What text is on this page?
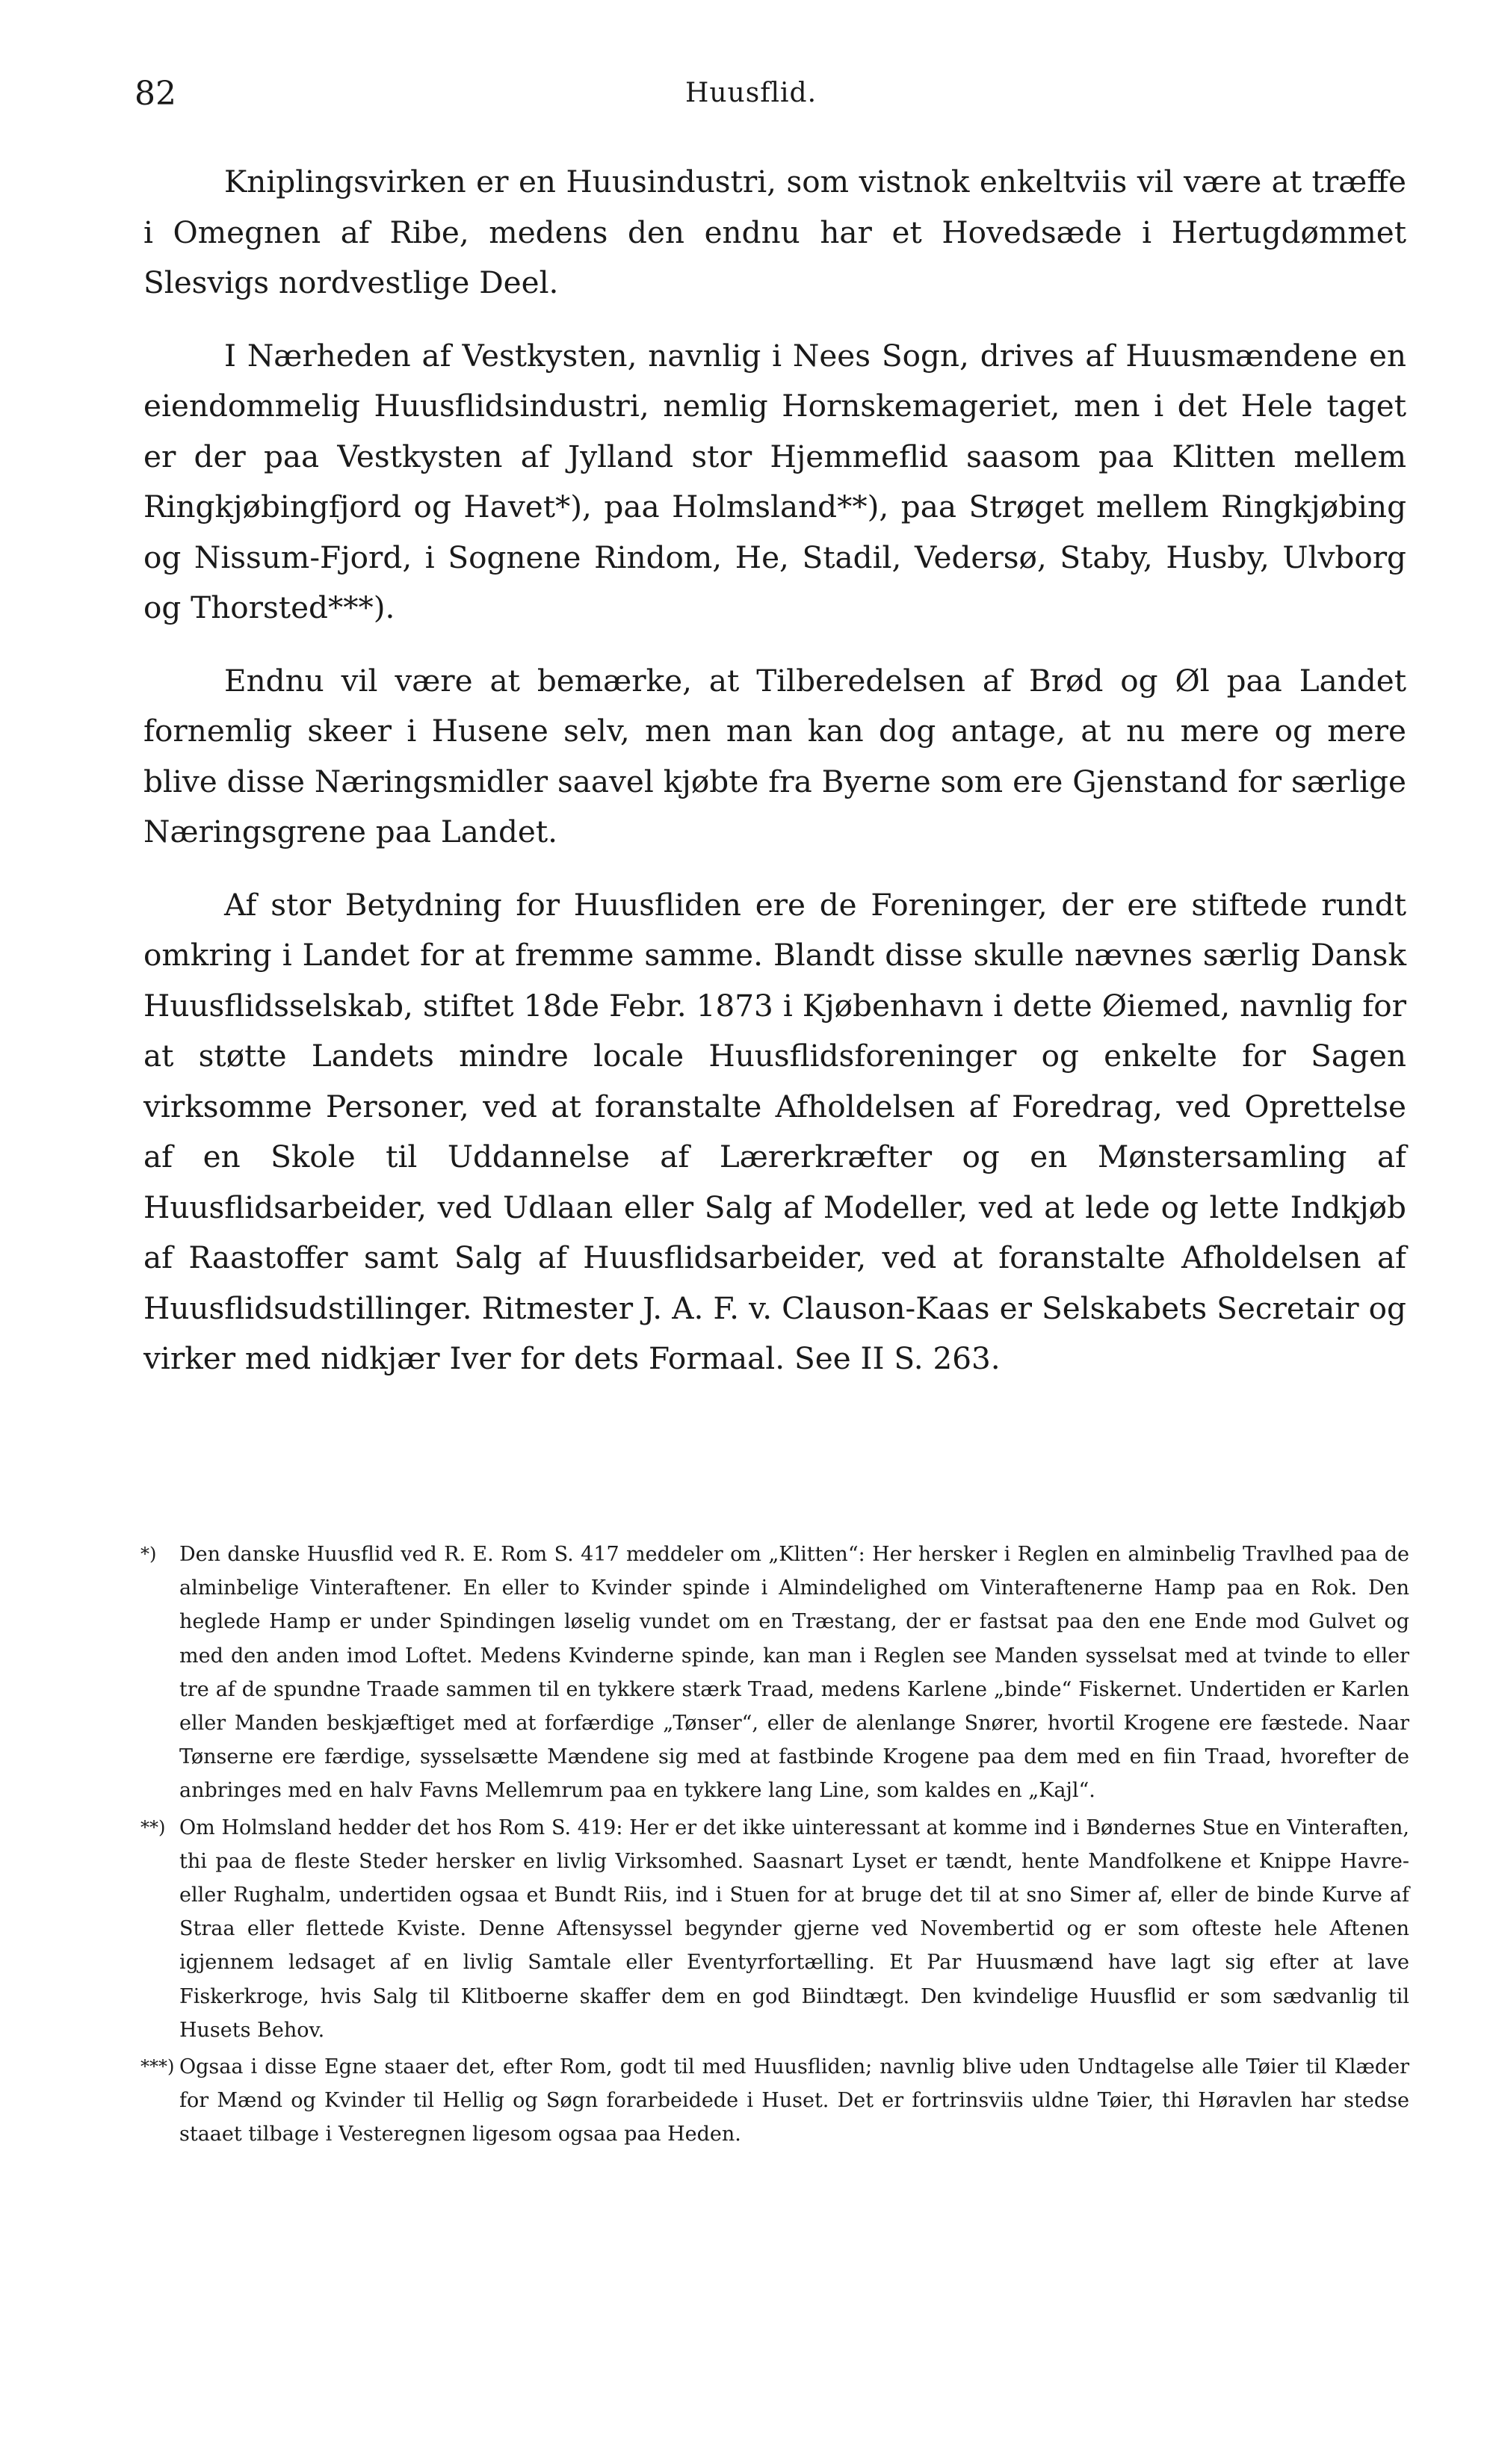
82	Huusflid.

Kniplingsvirken er en Huusindustri, som vistnok enkeltviis vil være at træffe i Omegnen af Ribe, medens den endnu har et Hovedsæde i Hertugdømmet Slesvigs nordvestlige Deel.

I Nærheden af Vestkysten, navnlig i Nees Sogn, drives af Huusmændene en eiendommelig Huusflidsindustri, nemlig Hornskemageriet, men i det Hele taget er der paa Vestkysten af Jylland stor Hjemmeflid saasom paa Klitten mellem Ringkjøbingfjord og Havet*), paa Holmsland**), paa Strøget mellem Ringkjøbing og Nissum-Fjord, i Sognene Rindom, He, Stadil, Vedersø, Staby, Husby, Ulvborg og Thorsted***).

Endnu vil være at bemærke, at Tilberedelsen af Brød og Øl paa Landet fornemlig skeer i Husene selv, men man kan dog antage, at nu mere og mere blive disse Næringsmidler saavel kjøbte fra Byerne som ere Gjenstand for særlige Næringsgrene paa Landet.

Af stor Betydning for Huusfliden ere de Foreninger, der ere stiftede rundt omkring i Landet for at fremme samme. Blandt disse skulle nævnes særlig Dansk Huusflidsselskab, stiftet 18de Febr. 1873 i Kjøbenhavn i dette Øiemed, navnlig for at støtte Landets mindre locale Huusflidsforeninger og enkelte for Sagen virksomme Personer, ved at foranstalte Afholdelsen af Foredrag, ved Oprettelse af en Skole til Uddannelse af Lærerkræfter og en Mønstersamling af Huusflidsarbeider, ved Udlaan eller Salg af Modeller, ved at lede og lette Indkjøb af Raastoffer samt Salg af Huusflidsarbeider, ved at foranstalte Afholdelsen af Huusflidsudstillinger. Ritmester J. A. F. v. Clauson-Kaas er Selskabets Secretair og virker med nidkjær Iver for dets Formaal. See II S. 263.

*) Den danske Huusflid ved R. E. Rom S. 417 meddeler om „Klitten“: Her hersker i Reglen en alminbelig Travlhed paa de alminbelige Vinteraftener. En eller to Kvinder spinde i Almindelighed om Vinteraftenerne Hamp paa en Rok. Den heglede Hamp er under Spindingen løselig vundet om en Træstang, der er fastsat paa den ene Ende mod Gulvet og med den anden imod Loftet. Medens Kvinderne spinde, kan man i Reglen see Manden sysselsat med at tvinde to eller tre af de spundne Traade sammen til en tykkere stærk Traad, medens Karlene „binde“ Fiskernet. Undertiden er Karlen eller Manden beskjæftiget med at forfærdige „Tønser“, eller de alenlange Snører, hvortil Krogene ere fæstede. Naar Tønserne ere færdige, sysselsætte Mændene sig med at fastbinde Krogene paa dem med en fiin Traad, hvorefter de anbringes med en halv Favns Mellemrum paa en tykkere lang Line, som kaldes en „Kajl“.
**) Om Holmsland hedder det hos Rom S. 419: Her er det ikke uinteressant at komme ind i Bøndernes Stue en Vinteraften, thi paa de fleste Steder hersker en livlig Virksomhed. Saasnart Lyset er tændt, hente Mandfolkene et Knippe Havre- eller Rughalm, undertiden ogsaa et Bundt Riis, ind i Stuen for at bruge det til at sno Simer af, eller de binde Kurve af Straa eller flettede Kviste. Denne Aftensyssel begynder gjerne ved Novembertid og er som ofteste hele Aftenen igjennem ledsaget af en livlig Samtale eller Eventyrfortælling. Et Par Huusmænd have lagt sig efter at lave Fiskerkroge, hvis Salg til Klitboerne skaffer dem en god Biindtægt. Den kvindelige Huusflid er som sædvanlig til Husets Behov.
***) Ogsaa i disse Egne staaer det, efter Rom, godt til med Huusfliden; navnlig blive uden Undtagelse alle Tøier til Klæder for Mænd og Kvinder til Hellig og Søgn forarbeidede i Huset. Det er fortrinsviis uldne Tøier, thi Høravlen har stedse staaet tilbage i Vesteregnen ligesom ogsaa paa Heden.
